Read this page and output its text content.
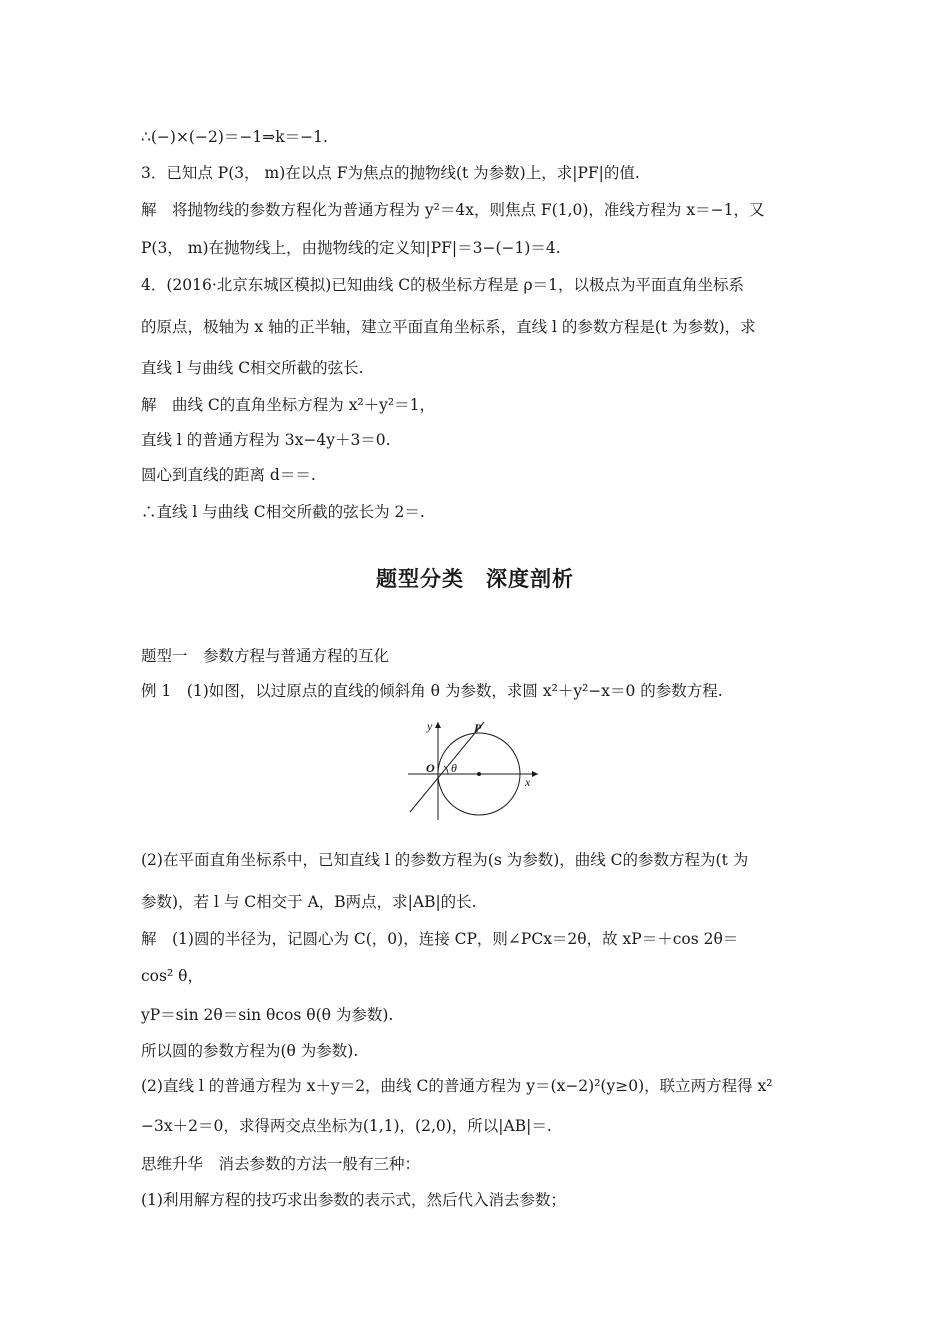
∴(−)×(−2)＝−1⇒k＝−1.
3．已知点 P(3， m)在以点 F为焦点的抛物线(t 为参数)上，求|PF|的值.
解　将抛物线的参数方程化为普通方程为 y²＝4x，则焦点 F(1,0)，准线方程为 x＝−1，又
P(3， m)在抛物线上，由抛物线的定义知|PF|＝3−(−1)＝4.
4．(2016·北京东城区模拟)已知曲线 C的极坐标方程是 ρ＝1，以极点为平面直角坐标系
的原点，极轴为 x 轴的正半轴，建立平面直角坐标系，直线 l 的参数方程是(t 为参数)，求
直线 l 与曲线 C相交所截的弦长.
解　曲线 C的直角坐标方程为 x²＋y²＝1，
直线 l 的普通方程为 3x−4y＋3＝0.
圆心到直线的距离 d＝＝.
∴直线 l 与曲线 C相交所截的弦长为 2＝.
题型分类　深度剖析
题型一　参数方程与普通方程的互化
例 1　(1)如图，以过原点的直线的倾斜角 θ 为参数，求圆 x²＋y²−x＝0 的参数方程.
y
x
P
O θ
(2)在平面直角坐标系中，已知直线 l 的参数方程为(s 为参数)，曲线 C的参数方程为(t 为
参数)，若 l 与 C相交于 A，B两点，求|AB|的长.
解　(1)圆的半径为，记圆心为 C(，0)，连接 CP，则∠PCx＝2θ，故 xP＝＋cos 2θ＝
cos² θ，
yP＝sin 2θ＝sin θcos θ(θ 为参数).
所以圆的参数方程为(θ 为参数).
(2)直线 l 的普通方程为 x＋y＝2，曲线 C的普通方程为 y＝(x−2)²(y≥0)，联立两方程得 x²
−3x＋2＝0，求得两交点坐标为(1,1)，(2,0)，所以|AB|＝.
思维升华　消去参数的方法一般有三种：
(1)利用解方程的技巧求出参数的表示式，然后代入消去参数；
